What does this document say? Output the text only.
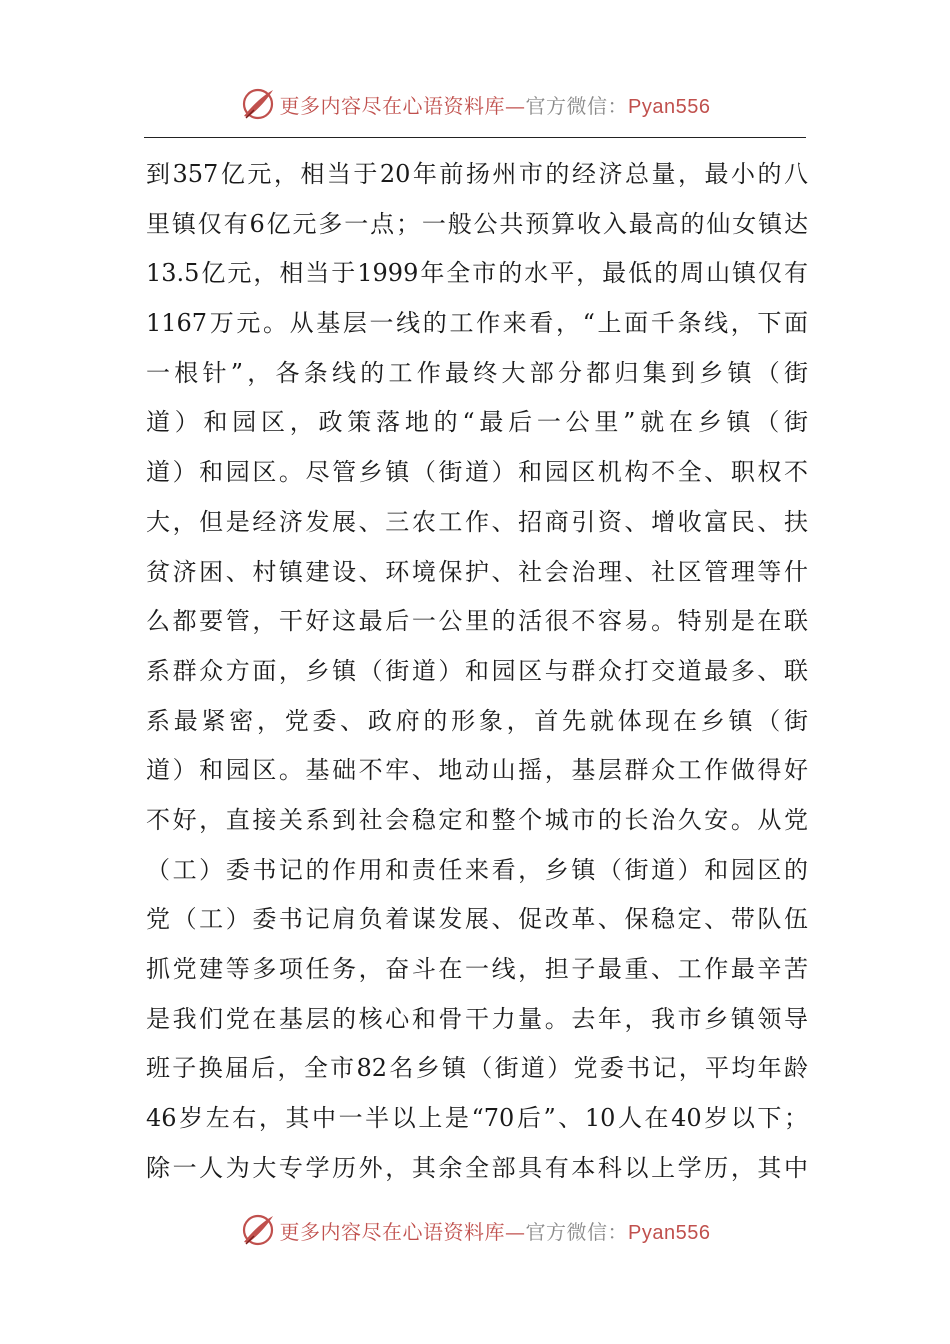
更多内容尽在心语资料库—官方微信：Pyan556
到357亿元，相当于20年前扬州市的经济总量，最小的八
里镇仅有6亿元多一点；一般公共预算收入最高的仙女镇达
13.5亿元，相当于1999年全市的水平，最低的周山镇仅有
1167万元。从基层一线的工作来看，“上面千条线，下面
一根针”，各条线的工作最终大部分都归集到乡镇（街
道）和园区，政策落地的“最后一公里”就在乡镇（街
道）和园区。尽管乡镇（街道）和园区机构不全、职权不
大，但是经济发展、三农工作、招商引资、增收富民、扶
贫济困、村镇建设、环境保护、社会治理、社区管理等什
么都要管，干好这最后一公里的活很不容易。特别是在联
系群众方面，乡镇（街道）和园区与群众打交道最多、联
系最紧密，党委、政府的形象，首先就体现在乡镇（街
道）和园区。基础不牢、地动山摇，基层群众工作做得好
不好，直接关系到社会稳定和整个城市的长治久安。从党
（工）委书记的作用和责任来看，乡镇（街道）和园区的
党（工）委书记肩负着谋发展、促改革、保稳定、带队伍
抓党建等多项任务，奋斗在一线，担子最重、工作最辛苦
是我们党在基层的核心和骨干力量。去年，我市乡镇领导
班子换届后，全市82名乡镇（街道）党委书记，平均年龄
46岁左右，其中一半以上是“70后”、10人在40岁以下；
除一人为大专学历外，其余全部具有本科以上学历，其中
更多内容尽在心语资料库—官方微信：Pyan556
